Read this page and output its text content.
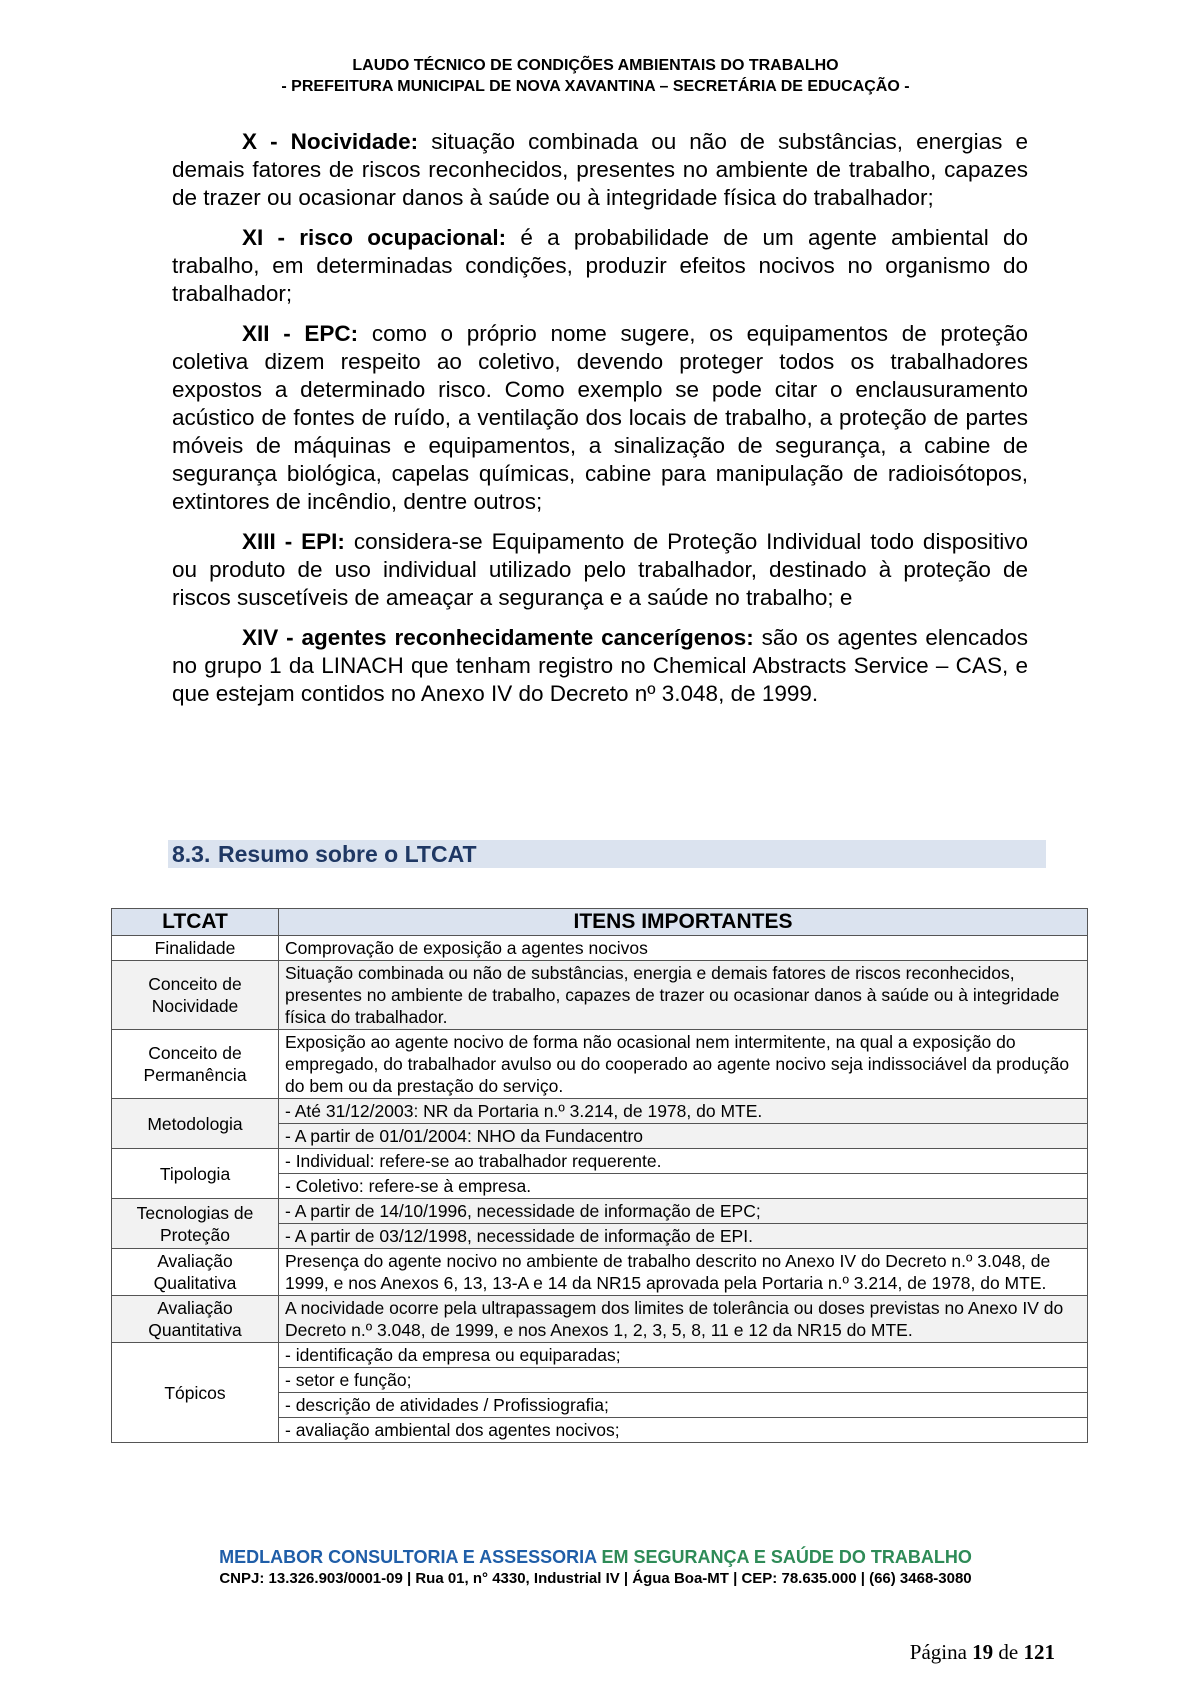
LAUDO TÉCNICO DE CONDIÇÕES AMBIENTAIS DO TRABALHO
- PREFEITURA MUNICIPAL DE NOVA XAVANTINA – SECRETÁRIA DE EDUCAÇÃO -

X - Nocividade: situação combinada ou não de substâncias, energias e demais fatores de riscos reconhecidos, presentes no ambiente de trabalho, capazes de trazer ou ocasionar danos à saúde ou à integridade física do trabalhador;

XI - risco ocupacional: é a probabilidade de um agente ambiental do trabalho, em determinadas condições, produzir efeitos nocivos no organismo do trabalhador;

XII - EPC: como o próprio nome sugere, os equipamentos de proteção coletiva dizem respeito ao coletivo, devendo proteger todos os trabalhadores expostos a determinado risco. Como exemplo se pode citar o enclausuramento acústico de fontes de ruído, a ventilação dos locais de trabalho, a proteção de partes móveis de máquinas e equipamentos, a sinalização de segurança, a cabine de segurança biológica, capelas químicas, cabine para manipulação de radioisótopos, extintores de incêndio, dentre outros;

XIII - EPI: considera-se Equipamento de Proteção Individual todo dispositivo ou produto de uso individual utilizado pelo trabalhador, destinado à proteção de riscos suscetíveis de ameaçar a segurança e a saúde no trabalho; e

XIV - agentes reconhecidamente cancerígenos: são os agentes elencados no grupo 1 da LINACH que tenham registro no Chemical Abstracts Service – CAS, e que estejam contidos no Anexo IV do Decreto nº 3.048, de 1999.

8.3. Resumo sobre o LTCAT
LTCAT	ITENS IMPORTANTES
Finalidade	Comprovação de exposição a agentes nocivos
Conceito de Nocividade	Situação combinada ou não de substâncias, energia e demais fatores de riscos reconhecidos, presentes no ambiente de trabalho, capazes de trazer ou ocasionar danos à saúde ou à integridade física do trabalhador.
Conceito de Permanência	Exposição ao agente nocivo de forma não ocasional nem intermitente, na qual a exposição do empregado, do trabalhador avulso ou do cooperado ao agente nocivo seja indissociável da produção do bem ou da prestação do serviço.
Metodologia	- Até 31/12/2003: NR da Portaria n.º 3.214, de 1978, do MTE.
	- A partir de 01/01/2004: NHO da Fundacentro
Tipologia	- Individual: refere-se ao trabalhador requerente.
	- Coletivo: refere-se à empresa.
Tecnologias de Proteção	- A partir de 14/10/1996, necessidade de informação de EPC;
	- A partir de 03/12/1998, necessidade de informação de EPI.
Avaliação Qualitativa	Presença do agente nocivo no ambiente de trabalho descrito no Anexo IV do Decreto n.º 3.048, de 1999, e nos Anexos 6, 13, 13-A e 14 da NR15 aprovada pela Portaria n.º 3.214, de 1978, do MTE.
Avaliação Quantitativa	A nocividade ocorre pela ultrapassagem dos limites de tolerância ou doses previstas no Anexo IV do Decreto n.º 3.048, de 1999, e nos Anexos 1, 2, 3, 5, 8, 11 e 12 da NR15 do MTE.
Tópicos	- identificação da empresa ou equiparadas;
	- setor e função;
	- descrição de atividades / Profissiografia;
	- avaliação ambiental dos agentes nocivos;
MEDLABOR CONSULTORIA E ASSESSORIA EM SEGURANÇA E SAÚDE DO TRABALHO
CNPJ: 13.326.903/0001-09 | Rua 01, n° 4330, Industrial IV | Água Boa-MT | CEP: 78.635.000 | (66) 3468-3080
Página 19 de 121
